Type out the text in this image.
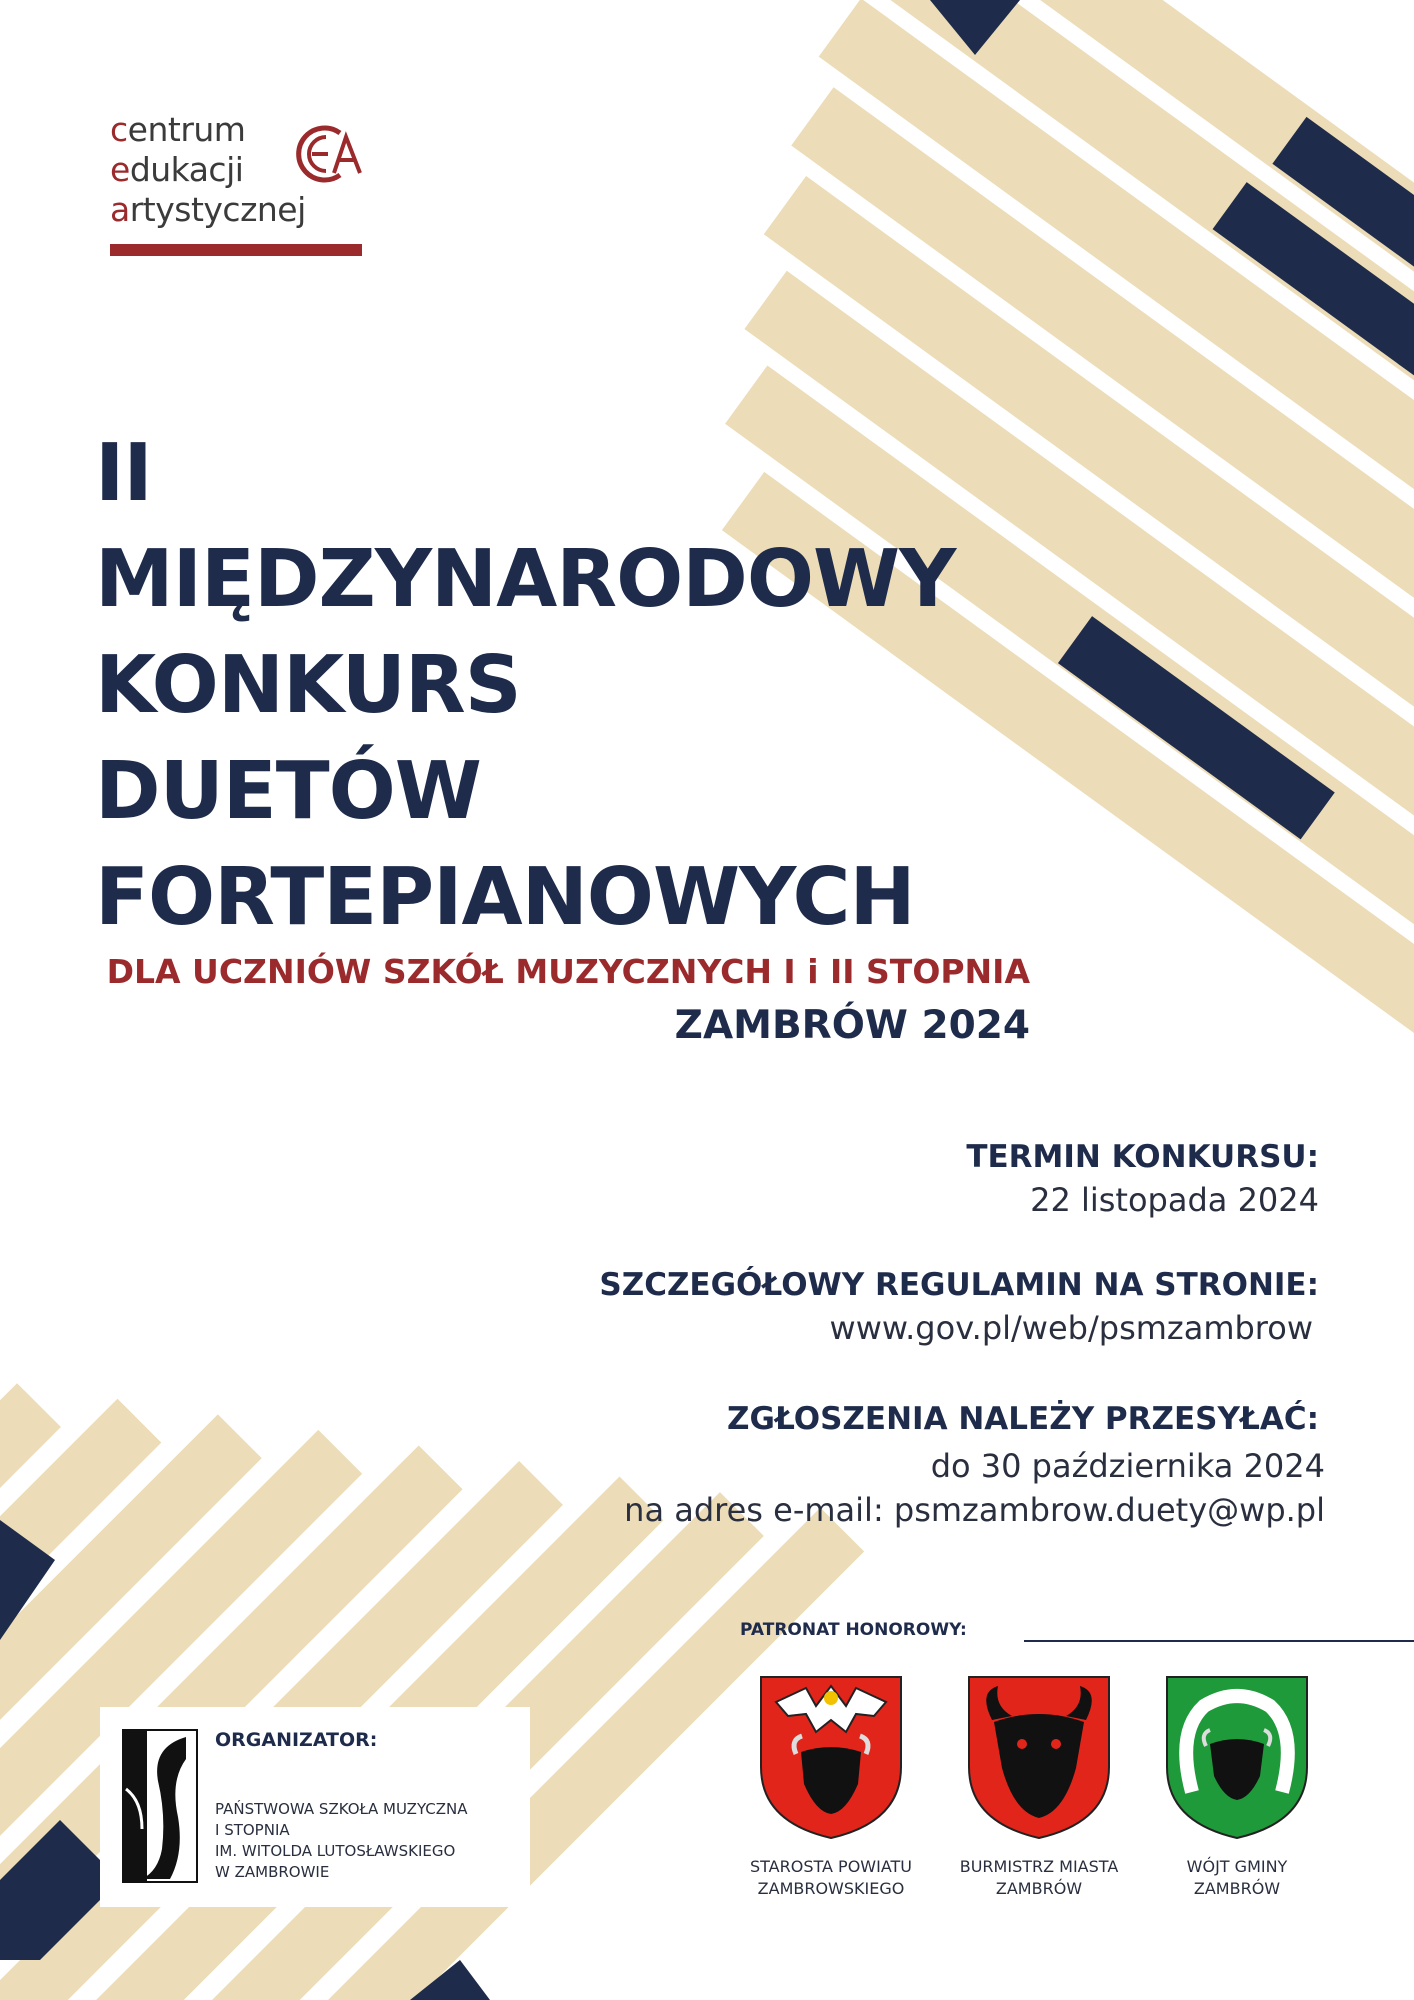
centrum
edukacji
artystycznej
II
MIĘDZYNARODOWY
KONKURS
DUETÓW
FORTEPIANOWYCH
DLA UCZNIÓW SZKÓŁ MUZYCZNYCH I i II STOPNIA
ZAMBRÓW 2024
TERMIN KONKURSU:
22 listopada 2024
SZCZEGÓŁOWY REGULAMIN NA STRONIE:
www.gov.pl/web/psmzambrow
ZGŁOSZENIA NALEŻY PRZESYŁAĆ:
do 30 października 2024
na adres e-mail: psmzambrow.duety@wp.pl
PATRONAT HONOROWY:
STAROSTA POWIATU
ZAMBROWSKIEGO
BURMISTRZ MIASTA
ZAMBRÓW
WÓJT GMINY
ZAMBRÓW
ORGANIZATOR:
PAŃSTWOWA SZKOŁA MUZYCZNA
I STOPNIA
IM. WITOLDA LUTOSŁAWSKIEGO
W ZAMBROWIE
